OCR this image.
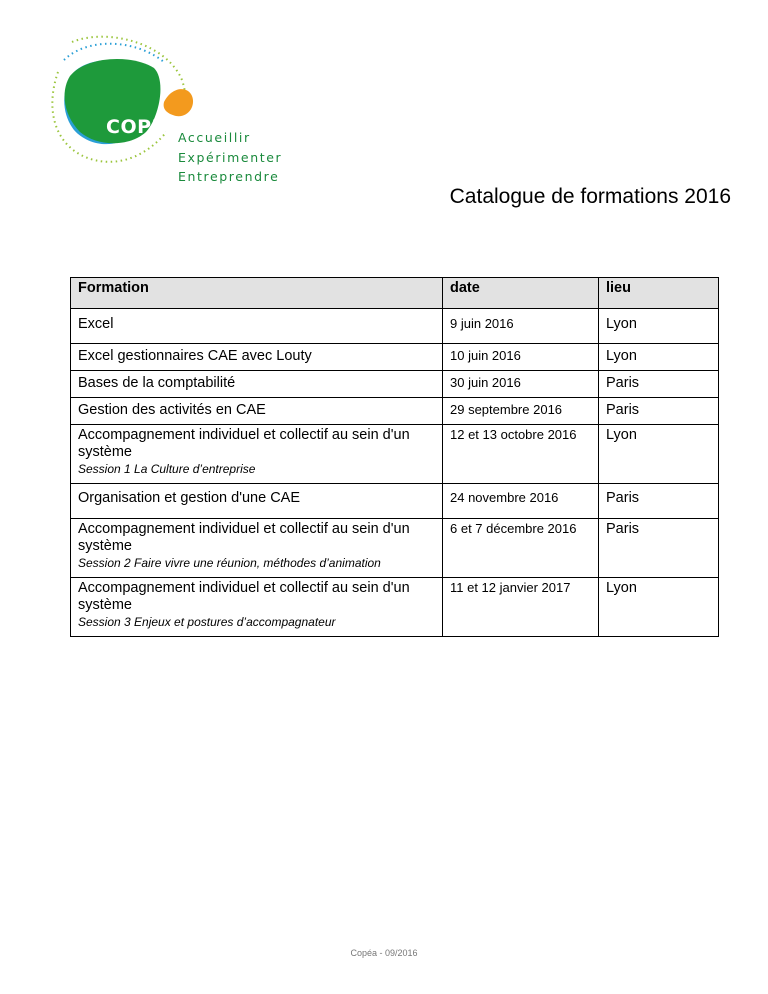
COPÉA
Accueillir
Expérimenter
Entreprendre
Catalogue de formations 2016
Formation	date	lieu
Excel	9 juin 2016	Lyon
Excel gestionnaires CAE avec Louty	10 juin 2016	Lyon
Bases de la comptabilité	30 juin 2016	Paris
Gestion des activités en CAE	29 septembre 2016	Paris
Accompagnement individuel et collectif au sein d'un système
Session 1 La Culture d’entreprise	12 et 13 octobre 2016	Lyon
Organisation et gestion d'une CAE	24 novembre 2016	Paris
Accompagnement individuel et collectif au sein d'un système
Session 2 Faire vivre une réunion, méthodes d’animation	6 et 7 décembre 2016	Paris
Accompagnement individuel et collectif au sein d'un système
Session 3 Enjeux et postures d’accompagnateur	11 et 12 janvier 2017	Lyon
Copéa - 09/2016
